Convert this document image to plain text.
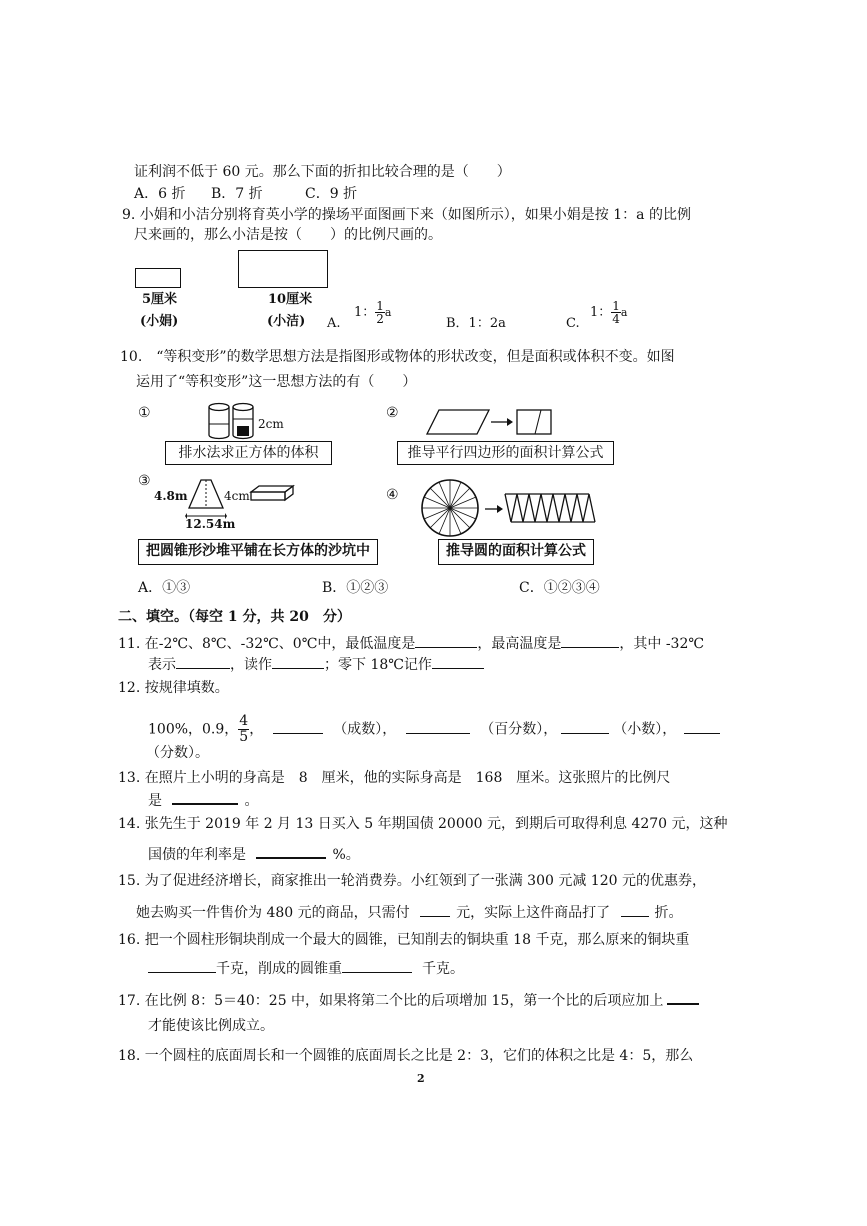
证利润不低于 60 元。那么下面的折扣比较合理的是（　　）
A．6 折 B．7 折	C．9 折
9. 小娟和小洁分别将育英小学的操场平面图画下来（如图所示），如果小娟是按 1：a 的比例
尺来画的，那么小洁是按（　　）的比例尺画的。
5厘米
(小娟)
10厘米
(小洁) A.
1： $\frac{1}{2}$ a
B．1：2a	C.
1： $\frac{1}{4}$ a
10.　“等积变形”的数学思想方法是指图形或物体的形状改变，但是面积或体积不变。如图
运用了“等积变形”这一思想方法的有（　　）
①
2cm
排水法求正方体的体积
②
推导平行四边形的面积计算公式
③
4.8m
12.54m
4cm
把圆锥形沙堆平铺在长方体的沙坑中
④
推导圆的面积计算公式
A．①③	B．①②③	C．①②③④
二、填空。（每空 1 分，共 20　分）
11. 在-2℃、8℃、-32℃、0℃中，最低温度是	，最高温度是	，其中 -32℃
表示	，读作	；零下 18℃记作
12. 按规律填数。
100%，0.9， $\frac{4}{5}$ ，	（成数），	（百分数），	（小数），
（分数）。
13. 在照片上小明的身高是　8　厘米，他的实际身高是　168　厘米。这张照片的比例尺
是	。
14. 张先生于 2019 年 2 月 13 日买入 5 年期国债 20000 元，到期后可取得利息 4270 元，这种
国债的年利率是	%。
15. 为了促进经济增长，商家推出一轮消费券。小红领到了一张满 300 元减 120 元的优惠券，
她去购买一件售价为 480 元的商品，只需付	元，实际上这件商品打了	折。
16. 把一个圆柱形铜块削成一个最大的圆锥，已知削去的铜块重 18 千克，那么原来的铜块重
千克，削成的圆锥重	千克。
17. 在比例 8：5＝40：25 中，如果将第二个比的后项增加 15，第一个比的后项应加上
才能使该比例成立。
18. 一个圆柱的底面周长和一个圆锥的底面周长之比是 2：3，它们的体积之比是 4：5，那么
2
